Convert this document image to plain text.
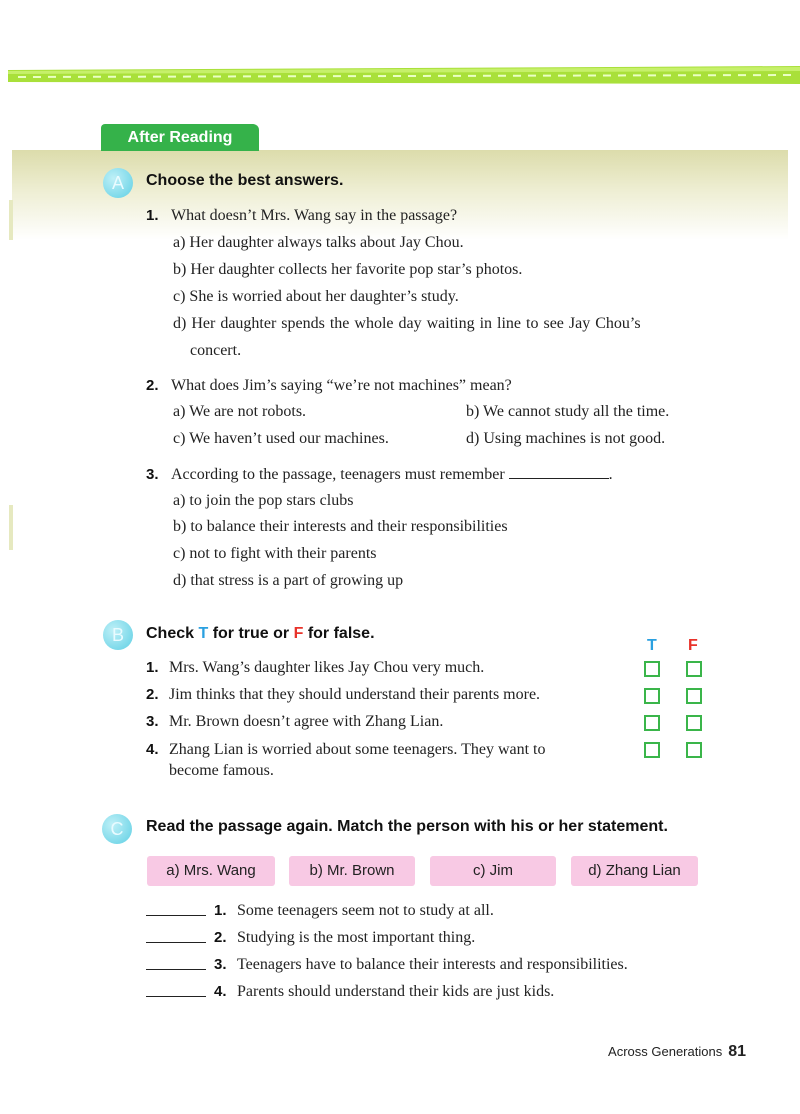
After Reading
A	Choose the best answers.
1. What doesn’t Mrs. Wang say in the passage?
a) Her daughter always talks about Jay Chou.
b) Her daughter collects her favorite pop star’s photos.
c) She is worried about her daughter’s study.
d) Her daughter spends the whole day waiting in line to see Jay Chou’s
concert.
2. What does Jim’s saying “we’re not machines” mean?
a) We are not robots.	b) We cannot study all the time.
c) We haven’t used our machines.	d) Using machines is not good.
3. According to the passage, teenagers must remember	.
a) to join the pop stars clubs
b) to balance their interests and their responsibilities
c) not to fight with their parents
d) that stress is a part of growing up
B	Check T for true or F for false.
T F
1. Mrs. Wang’s daughter likes Jay Chou very much.
2. Jim thinks that they should understand their parents more.
3. Mr. Brown doesn’t agree with Zhang Lian.
4. Zhang Lian is worried about some teenagers. They want to
become famous.
C	Read the passage again. Match the person with his or her statement.
a) Mrs. Wang	b) Mr. Brown	c) Jim	d) Zhang Lian
1. Some teenagers seem not to study at all.
2. Studying is the most important thing.
3. Teenagers have to balance their interests and responsibilities.
4. Parents should understand their kids are just kids.
Across Generations 81
